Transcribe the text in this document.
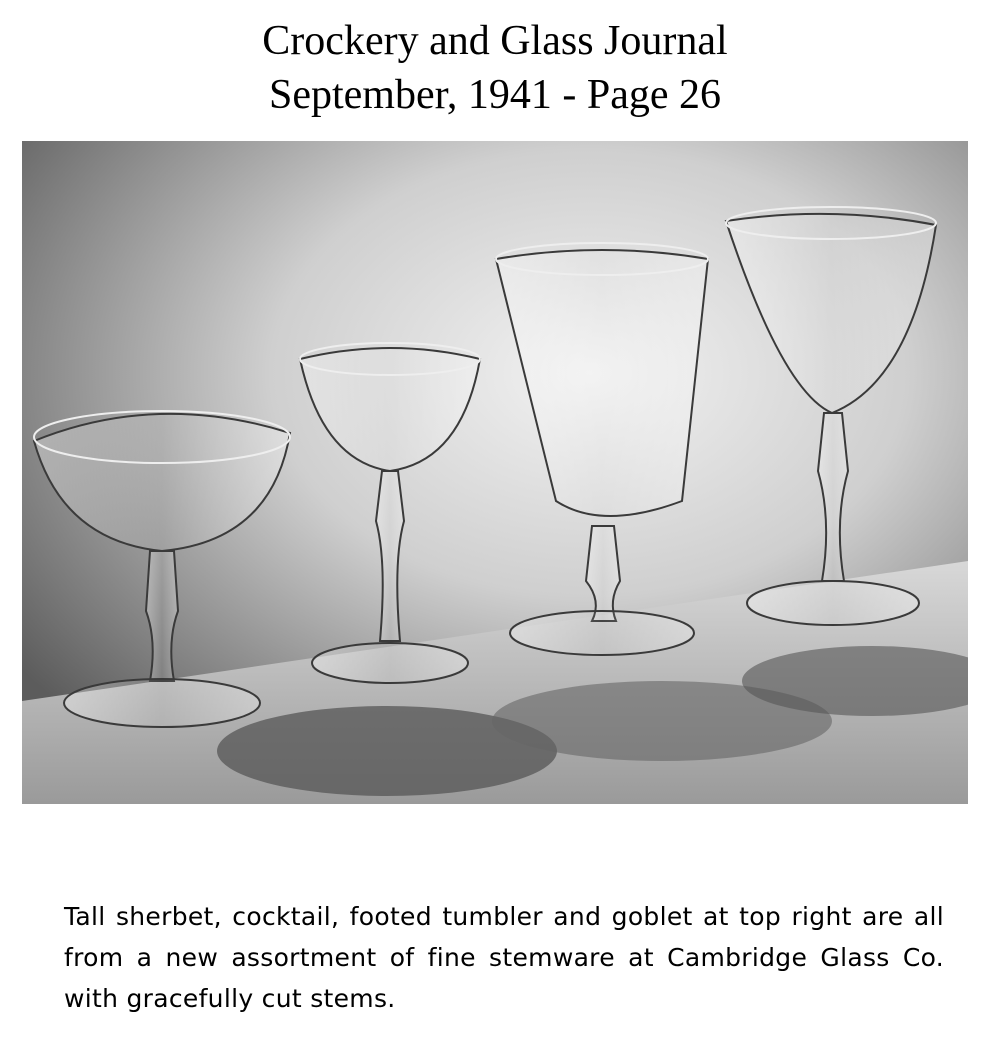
Crockery and Glass Journal
September, 1941 - Page 26
Tall sherbet, cocktail, footed tumbler and goblet at top right are all from a new assortment of fine stemware at Cambridge Glass Co. with gracefully cut stems.
